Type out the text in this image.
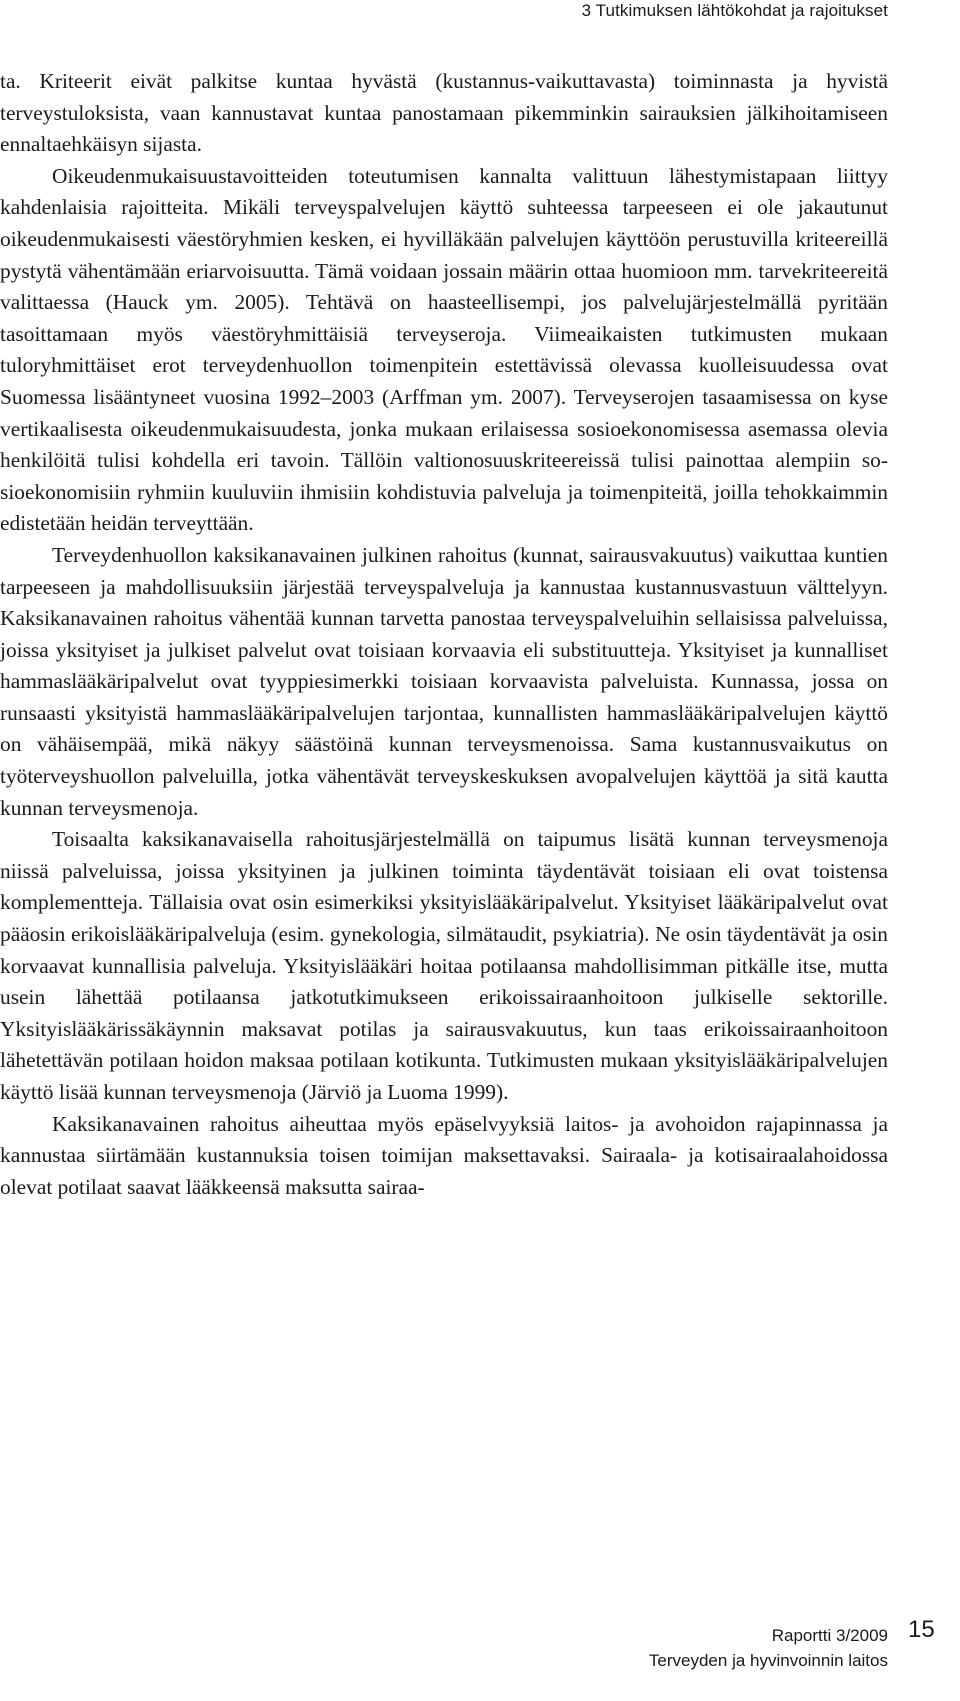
3 Tutkimuksen lähtökohdat ja rajoitukset

ta. Kriteerit eivät palkitse kuntaa hyvästä (kustannus-vaikuttavasta) toiminnasta ja hyvistä terveystuloksista, vaan kannustavat kuntaa panostamaan pikemminkin sairauksien jälkihoitamiseen ennaltaehkäisyn sijasta.

Oikeudenmukaisuustavoitteiden toteutumisen kannalta valittuun lähestymistapaan liittyy kahdenlaisia rajoitteita. Mikäli terveyspalvelujen käyttö suhteessa tarpeeseen ei ole jakautunut oikeudenmukaisesti väestöryhmien kesken, ei hyvilläkään palvelujen käyttöön perustuvilla kriteereillä pystytä vähentämään eriarvoisuutta. Tämä voidaan jossain määrin ottaa huomioon mm. tarvekriteereitä valittaessa (Hauck ym. 2005). Tehtävä on haasteellisempi, jos palvelujärjestelmällä pyritään tasoittamaan myös väestöryhmittäisiä terveyseroja. Viimeaikaisten tutkimusten mukaan tuloryhmittäiset erot terveydenhuollon toimenpitein estettävissä olevassa kuolleisuudessa ovat Suomessa lisääntyneet vuosina 1992–2003 (Arffman ym. 2007). Terveyserojen tasaamisessa on kyse vertikaalisesta oikeudenmukaisuudesta, jonka mukaan erilaisessa sosioekonomisessa asemassa olevia henkilöitä tulisi kohdella eri tavoin. Tällöin valtionosuuskriteereissä tulisi painottaa alempiin sosioekonomisiin ryhmiin kuuluviin ihmisiin kohdistuvia palveluja ja toimenpiteitä, joilla tehokkaimmin edistetään heidän terveyttään.

Terveydenhuollon kaksikanavainen julkinen rahoitus (kunnat, sairausvakuutus) vaikuttaa kuntien tarpeeseen ja mahdollisuuksiin järjestää terveyspalveluja ja kannustaa kustannusvastuun välttelyyn. Kaksikanavainen rahoitus vähentää kunnan tarvetta panostaa terveyspalveluihin sellaisissa palveluissa, joissa yksityiset ja julkiset palvelut ovat toisiaan korvaavia eli substituutteja. Yksityiset ja kunnalliset hammaslääkäripalvelut ovat tyyppiesimerkki toisiaan korvaavista palveluista. Kunnassa, jossa on runsaasti yksityistä hammaslääkäripalvelujen tarjontaa, kunnallisten hammaslääkäripalvelujen käyttö on vähäisempää, mikä näkyy säästöinä kunnan terveysmenoissa. Sama kustannusvaikutus on työterveyshuollon palveluilla, jotka vähentävät terveyskeskuksen avopalvelujen käyttöä ja sitä kautta kunnan terveysmenoja.

Toisaalta kaksikanavaisella rahoitusjärjestelmällä on taipumus lisätä kunnan terveysmenoja niissä palveluissa, joissa yksityinen ja julkinen toiminta täydentävät toisiaan eli ovat toistensa komplementteja. Tällaisia ovat osin esimerkiksi yksityislääkäripalvelut. Yksityiset lääkäripalvelut ovat pääosin erikoislääkäripalveluja (esim. gynekologia, silmätaudit, psykiatria). Ne osin täydentävät ja osin korvaavat kunnallisia palveluja. Yksityislääkäri hoitaa potilaansa mahdollisimman pitkälle itse, mutta usein lähettää potilaansa jatkotutkimukseen erikoissairaanhoitoon julkiselle sektorille. Yksityislääkärissäkäynnin maksavat potilas ja sairausvakuutus, kun taas erikoissairaanhoitoon lähetettävän potilaan hoidon maksaa potilaan kotikunta. Tutkimusten mukaan yksityislääkäripalvelujen käyttö lisää kunnan terveysmenoja (Järviö ja Luoma 1999).

Kaksikanavainen rahoitus aiheuttaa myös epäselvyyksiä laitos- ja avohoidon rajapinnassa ja kannustaa siirtämään kustannuksia toisen toimijan maksettavaksi. Sairaala- ja kotisairaalahoidossa olevat potilaat saavat lääkkeensä maksutta sairaa-

Raportti 3/2009
Terveyden ja hyvinvoinnin laitos
15
